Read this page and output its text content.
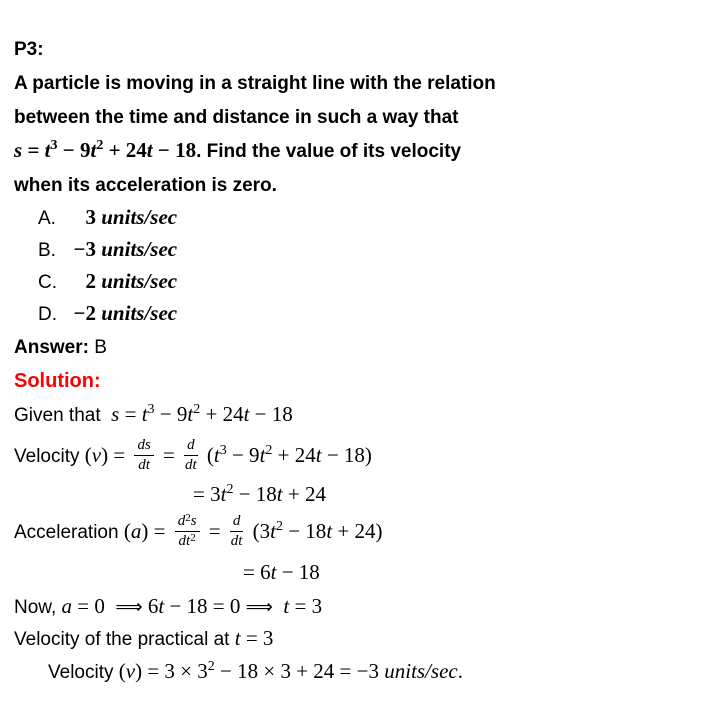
P3:
A particle is moving in a straight line with the relation
between the time and distance in such a way that
s = t3 − 9t2 + 24t − 18. Find the value of its velocity
when its acceleration is zero.
A. 3 units/sec
B. −3 units/sec
C. 2 units/sec
D. −2 units/sec
Answer: B
Solution:
Given that  s = t3 − 9t2 + 24t − 18
Velocity $(v) = \frac{ds}{dt} = \frac{d}{dt} (t3 - 9t2 + 24t - 18)$
= 3t2 − 18t + 24
Acceleration $(a) = \frac{d^2s}{dt^2} = \frac{d}{dt} (3t2 - 18t + 24)$
= 6t − 18
Now, a = 0  ⟹ 6t − 18 = 0 ⟹ t = 3
Velocity of the practical at t = 3
Velocity (v) = 3 × 32 − 18 × 3 + 24 = −3 units/sec.
